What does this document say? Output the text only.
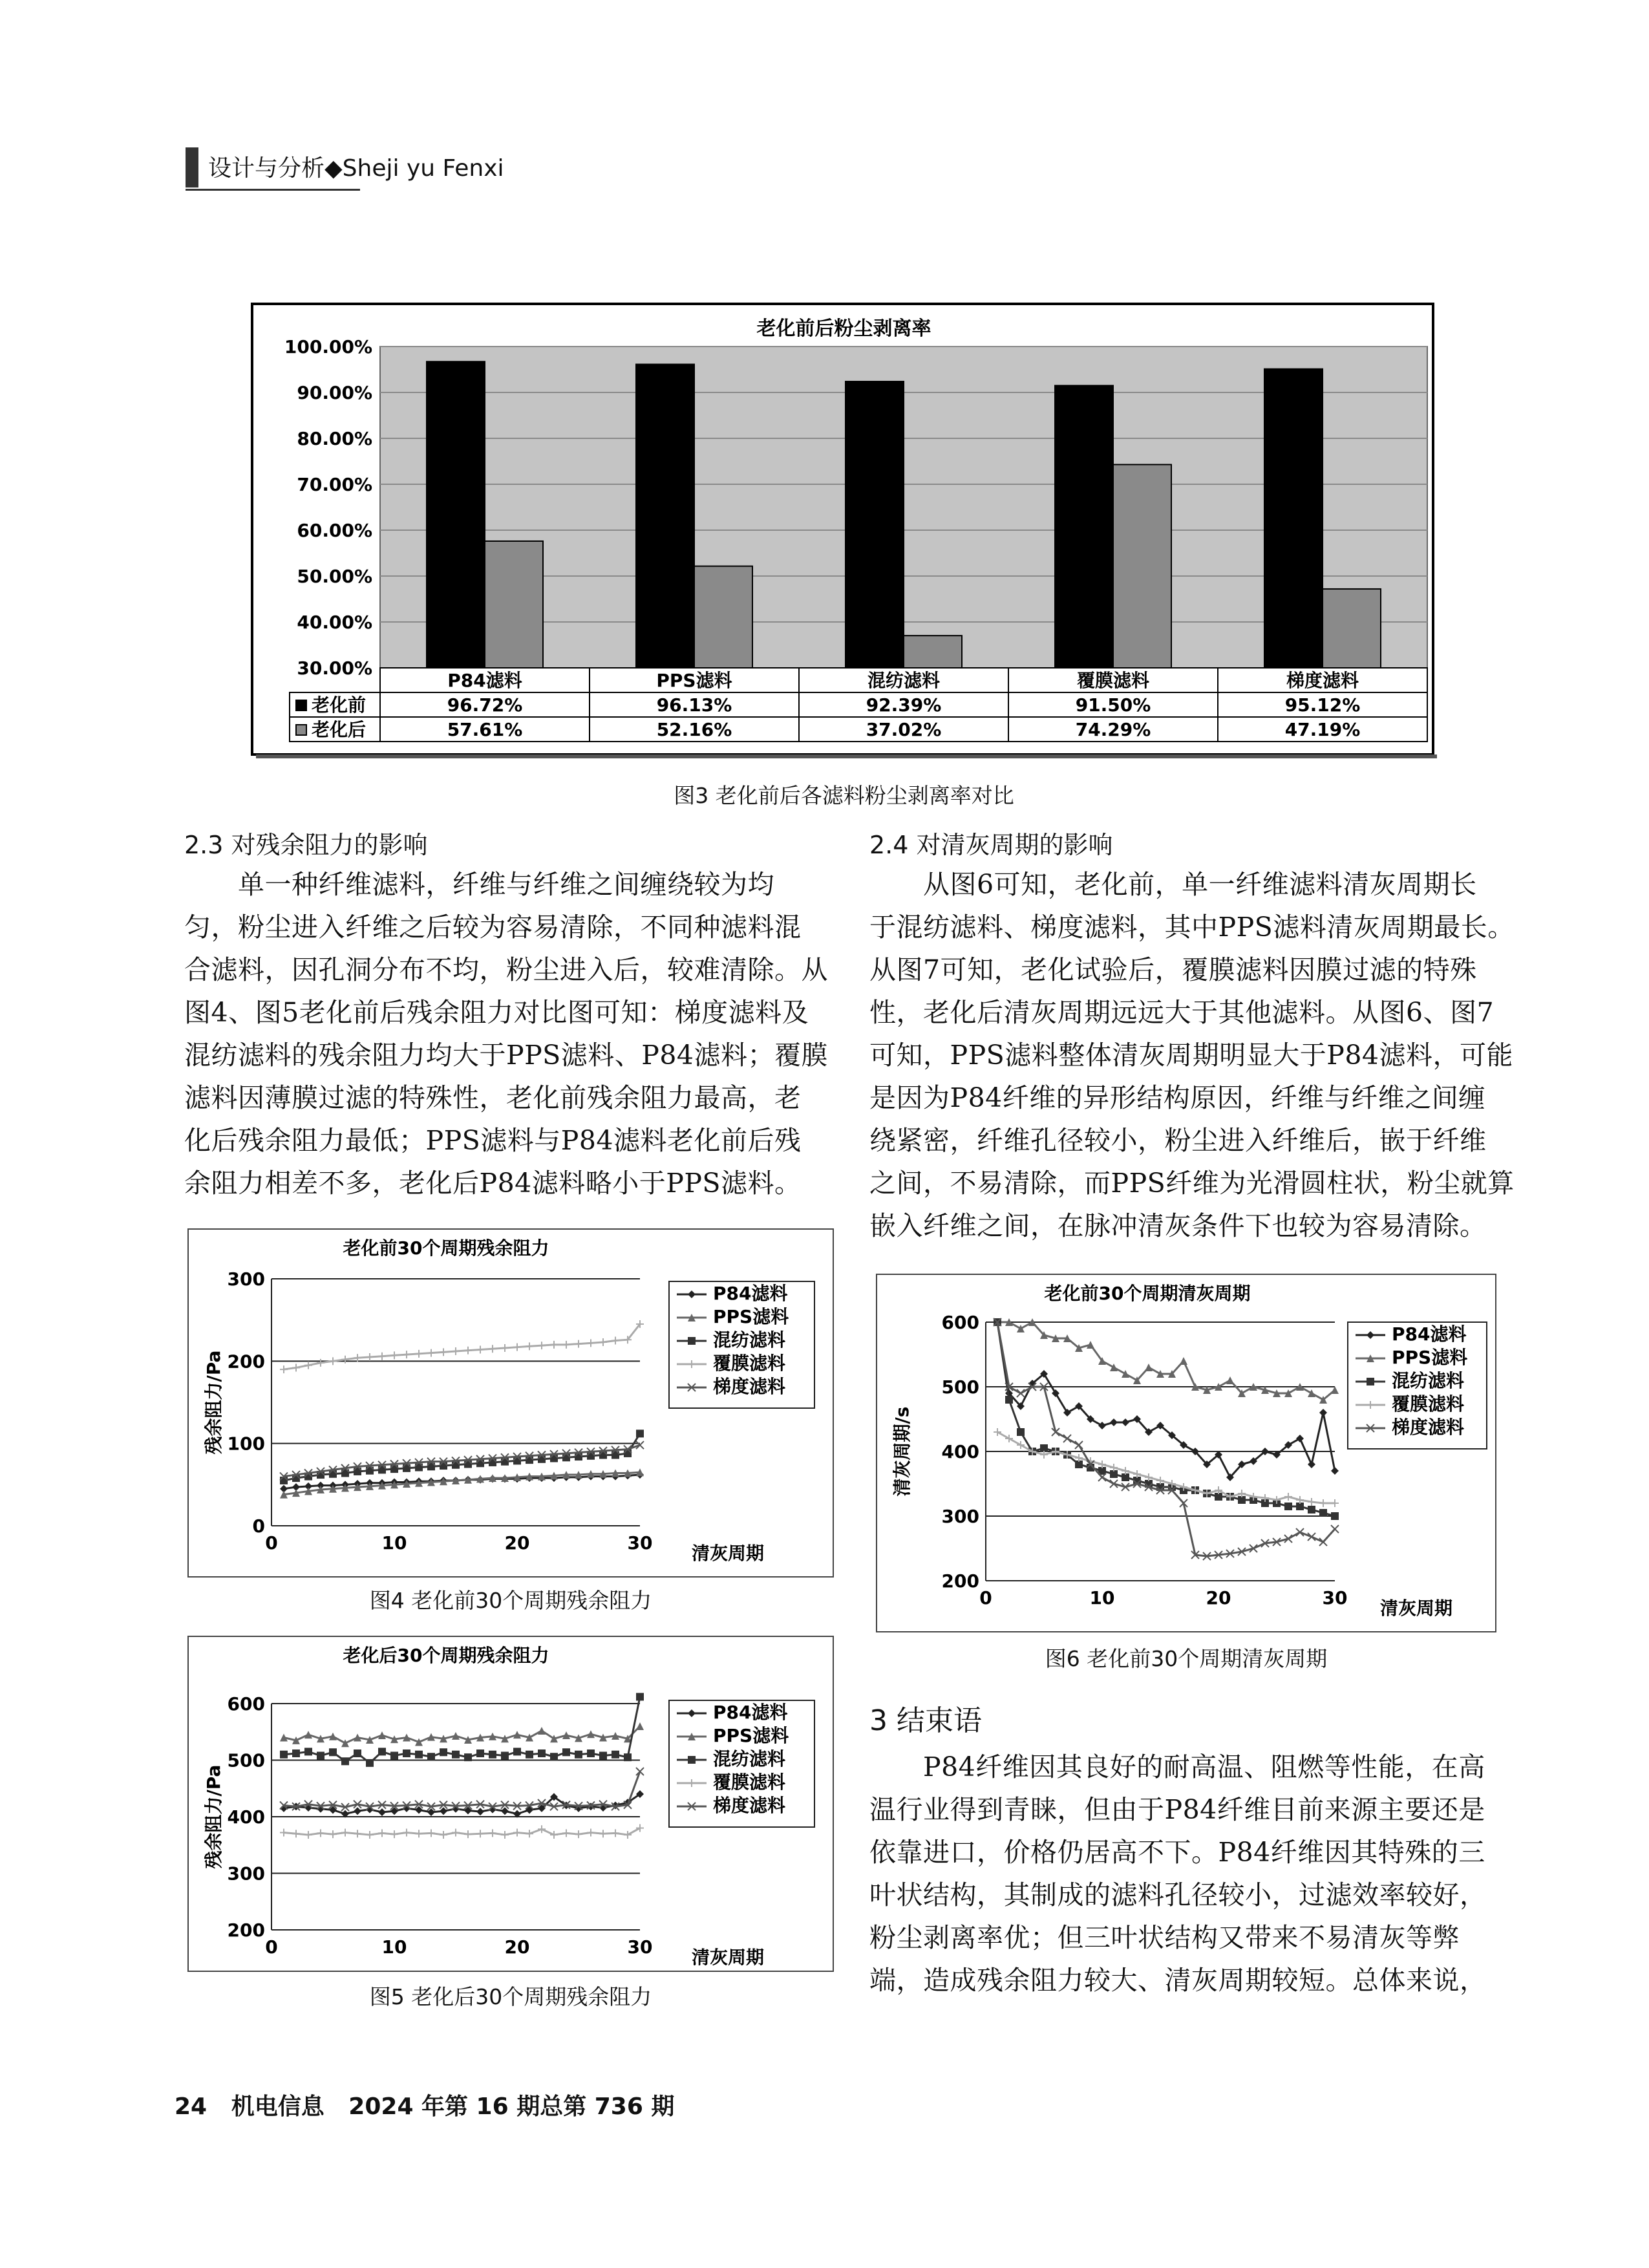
设计与分析◆Sheji yu Fenxi
老化前后粉尘剥离率
30.00%
40.00%
50.00%
60.00%
70.00%
80.00%
90.00%
100.00%
P84滤料	PPS滤料	混纺滤料	覆膜滤料	梯度滤料
老化前	96.72%	96.13%	92.39%	91.50%	95.12%
老化后	57.61%	52.16%	37.02%	74.29%	47.19%
图3 老化前后各滤料粉尘剥离率对比
2.3 对残余阻力的影响
　　单一种纤维滤料，纤维与纤维之间缠绕较为均
匀，粉尘进入纤维之后较为容易清除，不同种滤料混
合滤料，因孔洞分布不均，粉尘进入后，较难清除。从
图4、图5老化前后残余阻力对比图可知：梯度滤料及
混纺滤料的残余阻力均大于PPS滤料、P84滤料；覆膜
滤料因薄膜过滤的特殊性，老化前残余阻力最高，老
化后残余阻力最低；PPS滤料与P84滤料老化前后残
余阻力相差不多，老化后P84滤料略小于PPS滤料。
老化前30个周期残余阻力
0
100
200
300
0	10	20	30 清灰周期
残余阻力/Pa
P84滤料
PPS滤料
混纺滤料
覆膜滤料
梯度滤料
图4 老化前30个周期残余阻力
老化后30个周期残余阻力
200
300
400
500
600
0	10	20	30 清灰周期
残余阻力/Pa
P84滤料
PPS滤料
混纺滤料
覆膜滤料
梯度滤料
图5 老化后30个周期残余阻力
2.4 对清灰周期的影响
　　从图6可知，老化前，单一纤维滤料清灰周期长
于混纺滤料、梯度滤料，其中PPS滤料清灰周期最长。
从图7可知，老化试验后，覆膜滤料因膜过滤的特殊
性，老化后清灰周期远远大于其他滤料。从图6、图7
可知，PPS滤料整体清灰周期明显大于P84滤料，可能
是因为P84纤维的异形结构原因，纤维与纤维之间缠
绕紧密，纤维孔径较小，粉尘进入纤维后，嵌于纤维
之间，不易清除，而PPS纤维为光滑圆柱状，粉尘就算
嵌入纤维之间，在脉冲清灰条件下也较为容易清除。
老化前30个周期清灰周期
200
300
400
500
600
0	10	20	30 清灰周期
清灰周期/s
P84滤料
PPS滤料
混纺滤料
覆膜滤料
梯度滤料
图6 老化前30个周期清灰周期
3 结束语
　　P84纤维因其良好的耐高温、阻燃等性能，在高
温行业得到青睐，但由于P84纤维目前来源主要还是
依靠进口，价格仍居高不下。P84纤维因其特殊的三
叶状结构，其制成的滤料孔径较小，过滤效率较好，
粉尘剥离率优；但三叶状结构又带来不易清灰等弊
端，造成残余阻力较大、清灰周期较短。总体来说，
24   机电信息   2024 年第 16 期总第 736 期
